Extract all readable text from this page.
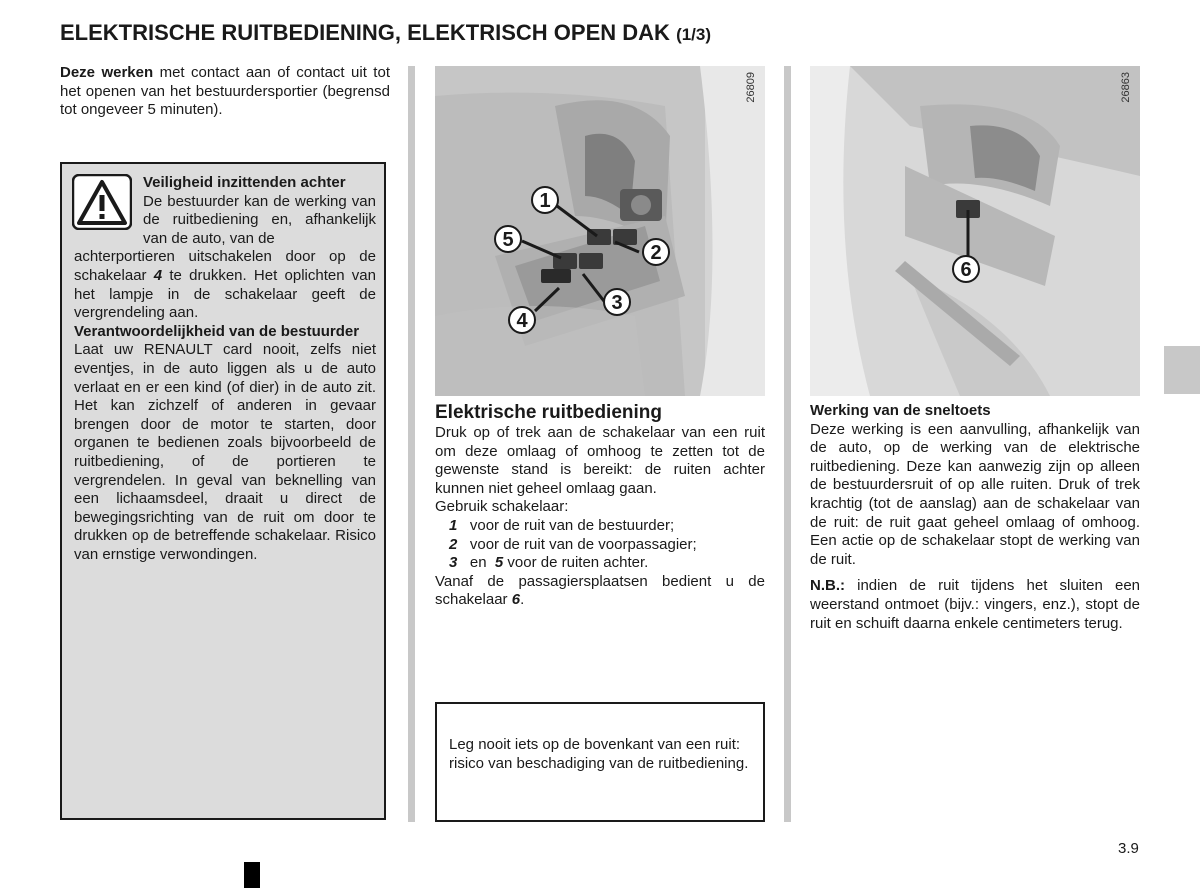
ELEKTRISCHE RUITBEDIENING, ELEKTRISCH OPEN DAK (1/3)
Deze werken met contact aan of contact uit tot het openen van het bestuurdersportier (begrensd tot ongeveer 5 minuten).
Veiligheid inzittenden achter
De bestuurder kan de werking van de ruitbediening en, afhankelijk van de auto, van de
achterportieren uitschakelen door op de schakelaar 4 te drukken. Het oplichten van het lampje in de schakelaar geeft de vergrendeling aan.
Verantwoordelijkheid van de bestuurder
Laat uw RENAULT card nooit, zelfs niet eventjes, in de auto liggen als u de auto verlaat en er een kind (of dier) in de auto zit. Het kan zichzelf of anderen in gevaar brengen door de motor te starten, door organen te bedienen zoals bijvoorbeeld de ruitbediening, of de portieren te vergrendelen. In geval van beknelling van een lichaamsdeel, draait u direct de bewegingsrichting van de ruit om door te drukken op de betreffende schakelaar. Risico van ernstige verwondingen.
26809
1
2
3
4
5
26863
6
Elektrische ruitbediening
Druk op of trek aan de schakelaar van een ruit om deze omlaag of omhoog te zetten tot de gewenste stand is bereikt: de ruiten achter kunnen niet geheel omlaag gaan.
Gebruik schakelaar:
1 voor de ruit van de bestuurder;
2 voor de ruit van de voorpassagier;
3 en 5 voor de ruiten achter.
Vanaf de passagiersplaatsen bedient u de schakelaar 6.
Leg nooit iets op de bovenkant van een ruit: risico van beschadiging van de ruitbediening.
Werking van de sneltoets
Deze werking is een aanvulling, afhankelijk van de auto, op de werking van de elektrische ruitbediening. Deze kan aanwezig zijn op alleen de bestuurdersruit of op alle ruiten. Druk of trek krachtig (tot de aanslag) aan de schakelaar van de ruit: de ruit gaat geheel omlaag of omhoog. Een actie op de schakelaar stopt de werking van de ruit.
N.B.: indien de ruit tijdens het sluiten een weerstand ontmoet (bijv.: vingers, enz.), stopt de ruit en schuift daarna enkele centimeters terug.
3.9
